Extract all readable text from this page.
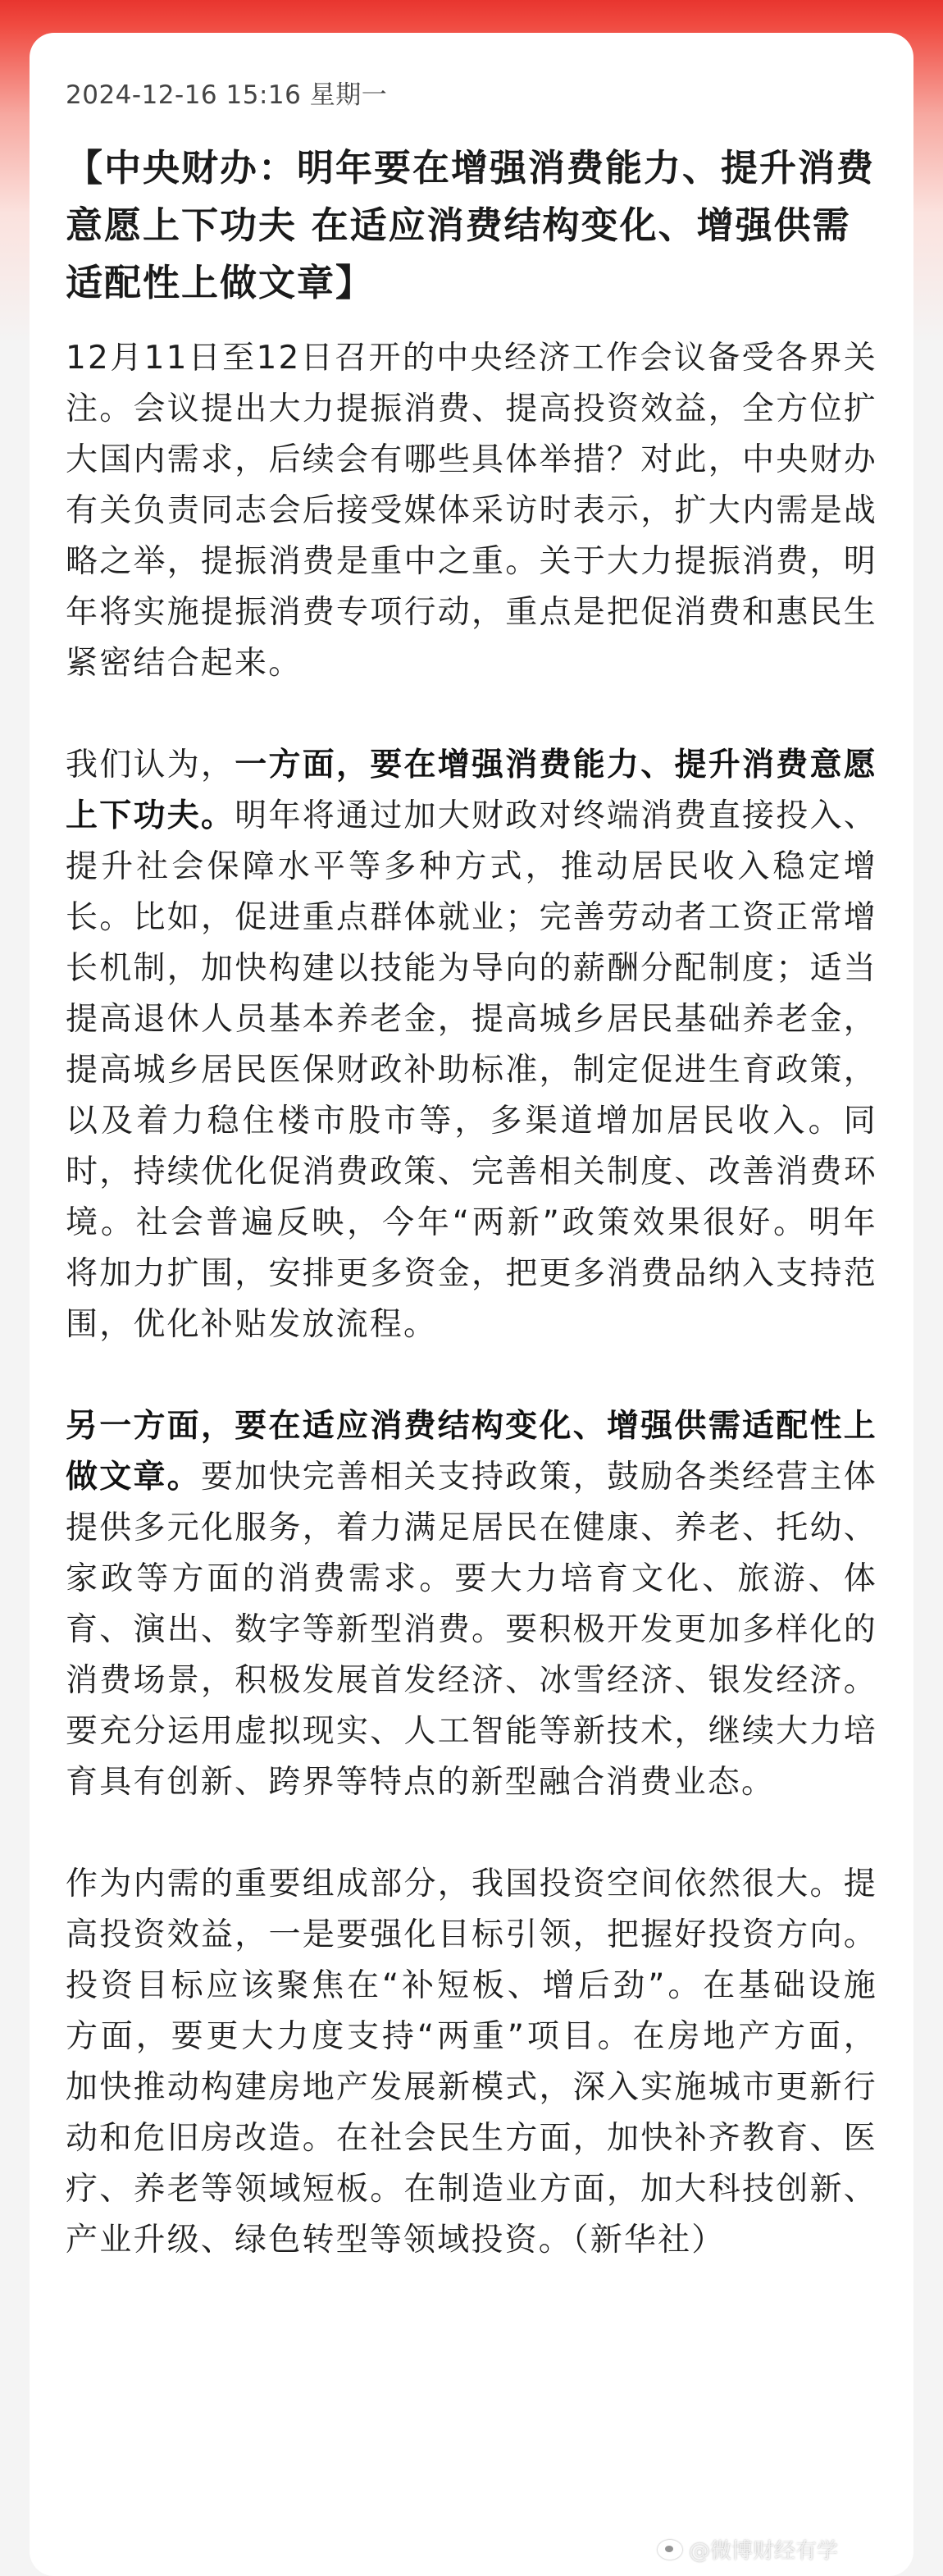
2024-12-16 15:16 星期一

【中央财办：明年要在增强消费能力、提升消费意愿上下功夫 在适应消费结构变化、增强供需适配性上做文章】

12月11日至12日召开的中央经济工作会议备受各界关注。会议提出大力提振消费、提高投资效益，全方位扩大国内需求，后续会有哪些具体举措？对此，中央财办有关负责同志会后接受媒体采访时表示，扩大内需是战略之举，提振消费是重中之重。关于大力提振消费，明年将实施提振消费专项行动，重点是把促消费和惠民生紧密结合起来。

我们认为，一方面，要在增强消费能力、提升消费意愿上下功夫。明年将通过加大财政对终端消费直接投入、提升社会保障水平等多种方式，推动居民收入稳定增长。比如，促进重点群体就业；完善劳动者工资正常增长机制，加快构建以技能为导向的薪酬分配制度；适当提高退休人员基本养老金，提高城乡居民基础养老金，提高城乡居民医保财政补助标准，制定促进生育政策，以及着力稳住楼市股市等，多渠道增加居民收入。同时，持续优化促消费政策、完善相关制度、改善消费环境。社会普遍反映，今年“两新”政策效果很好。明年将加力扩围，安排更多资金，把更多消费品纳入支持范围，优化补贴发放流程。

另一方面，要在适应消费结构变化、增强供需适配性上做文章。要加快完善相关支持政策，鼓励各类经营主体提供多元化服务，着力满足居民在健康、养老、托幼、家政等方面的消费需求。要大力培育文化、旅游、体育、演出、数字等新型消费。要积极开发更加多样化的消费场景，积极发展首发经济、冰雪经济、银发经济。要充分运用虚拟现实、人工智能等新技术，继续大力培育具有创新、跨界等特点的新型融合消费业态。

作为内需的重要组成部分，我国投资空间依然很大。提高投资效益，一是要强化目标引领，把握好投资方向。投资目标应该聚焦在“补短板、增后劲”。在基础设施方面，要更大力度支持“两重”项目。在房地产方面，加快推动构建房地产发展新模式，深入实施城市更新行动和危旧房改造。在社会民生方面，加快补齐教育、医疗、养老等领域短板。在制造业方面，加大科技创新、产业升级、绿色转型等领域投资。（新华社）

@微博财经有学
